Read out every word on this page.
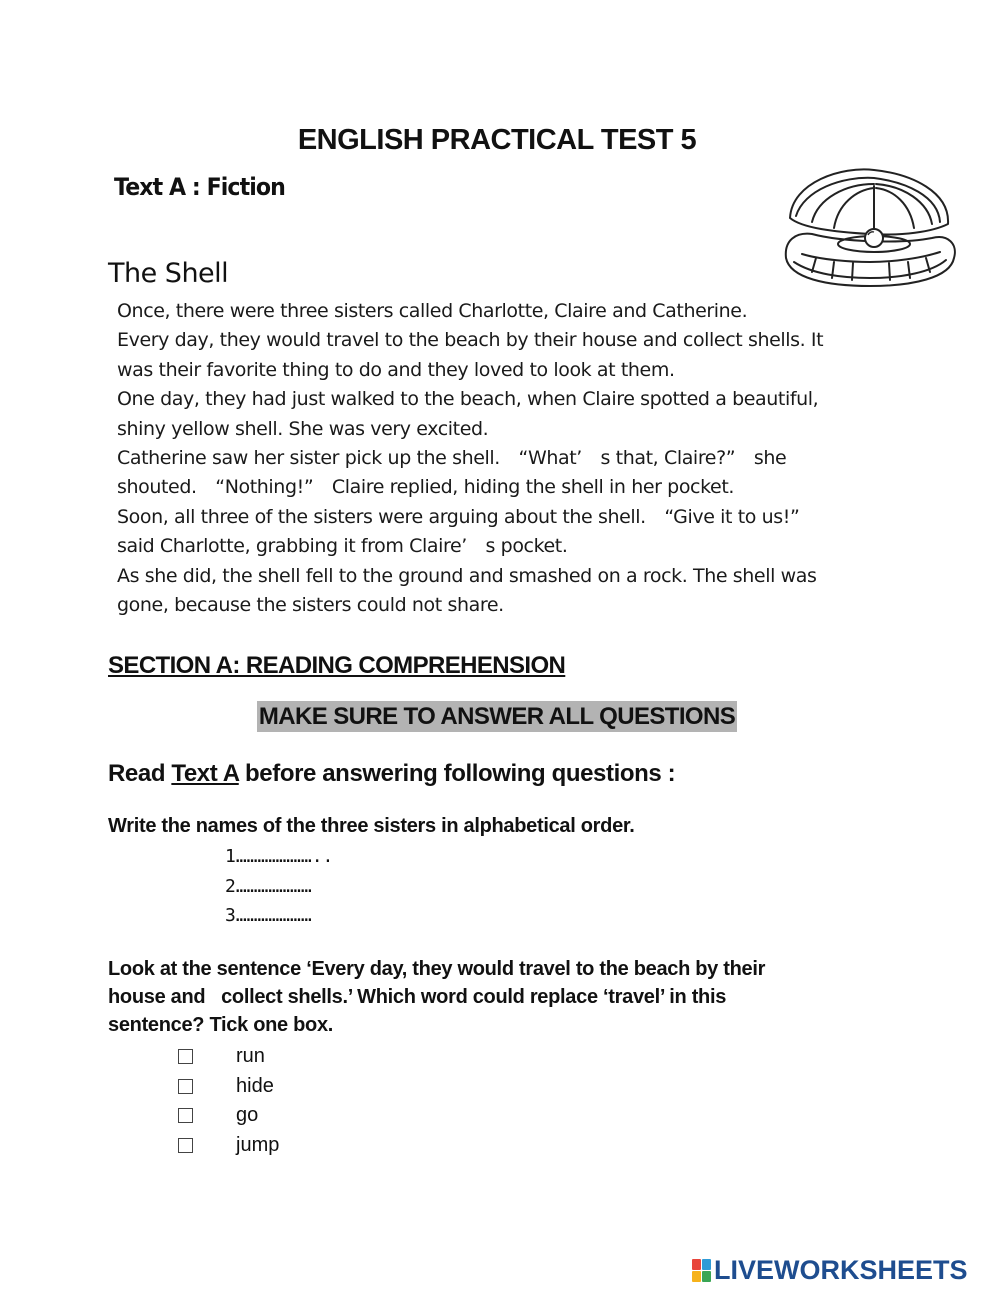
ENGLISH PRACTICAL TEST 5
Text A : Fiction
The Shell
Once, there were three sisters called Charlotte, Claire and Catherine.
Every day, they would travel to the beach by their house and collect shells. It
was their favorite thing to do and they loved to look at them.
One day, they had just walked to the beach, when Claire spotted a beautiful,
shiny yellow shell. She was very excited.
Catherine saw her sister pick up the shell.　“What’　s that, Claire?”　she
shouted.　“Nothing!”　Claire replied, hiding the shell in her pocket.
Soon, all three of the sisters were arguing about the shell.　“Give it to us!”
said Charlotte, grabbing it from Claire’　s pocket.
As she did, the shell fell to the ground and smashed on a rock. The shell was
gone, because the sisters could not share.
SECTION A: READING COMPREHENSION
MAKE SURE TO ANSWER ALL QUESTIONS
Read Text A before answering following questions :
Write the names of the three sisters in alphabetical order.
1…………………..
2…………………
3…………………
Look at the sentence ‘Every day, they would travel to the beach by their
house and   collect shells.’ Which word could replace ‘travel’ in this
sentence? Tick one box.
run
hide
go
jump
LIVEWORKSHEETS
